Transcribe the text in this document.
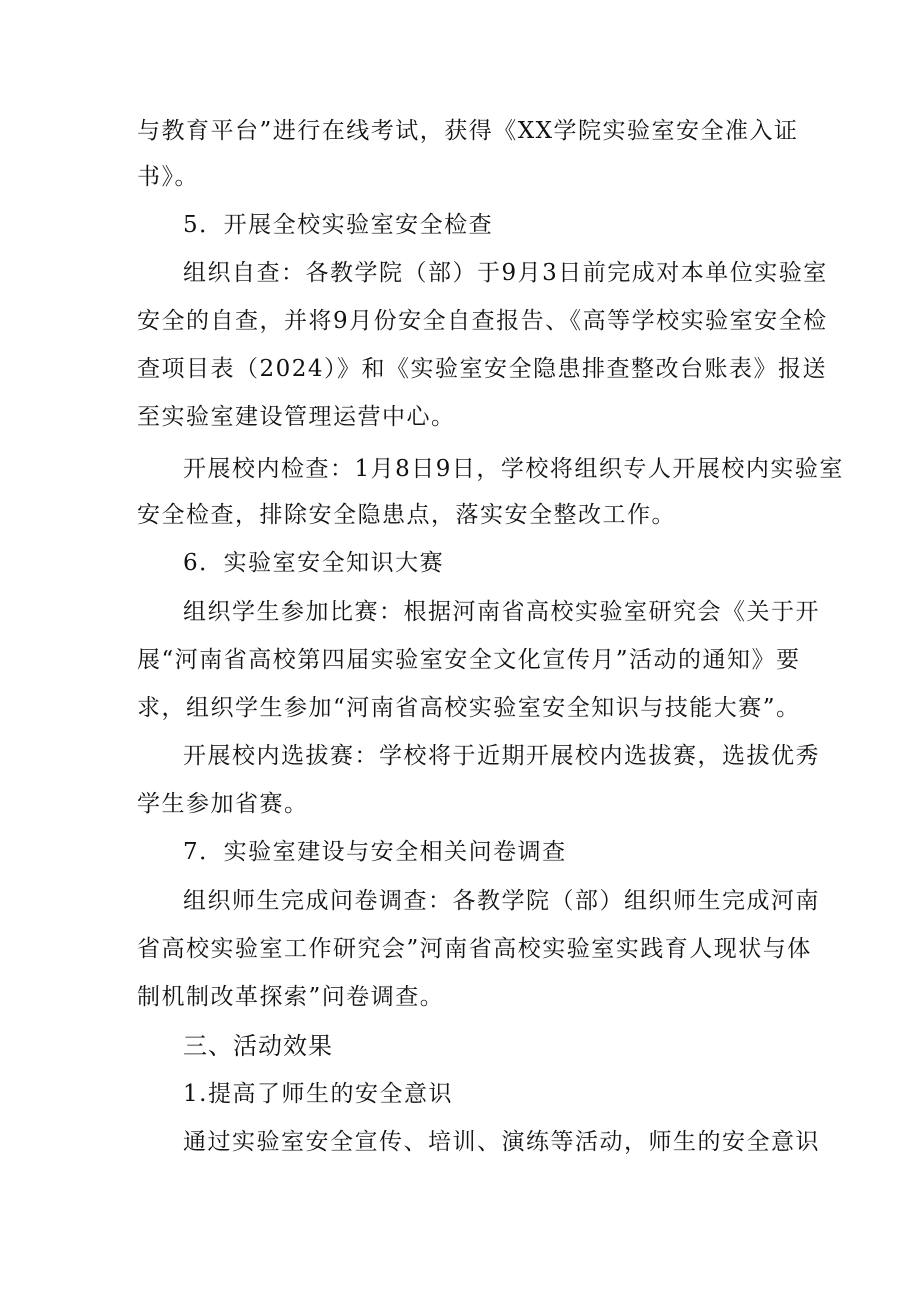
与教育平台”进行在线考试，获得《XX学院实验室安全准入证
书》。
5．开展全校实验室安全检查
组织自查：各教学院（部）于9月3日前完成对本单位实验室
安全的自查，并将9月份安全自查报告、《高等学校实验室安全检
查项目表（2024）》和《实验室安全隐患排查整改台账表》报送
至实验室建设管理运营中心。
开展校内检查：1月8日9日，学校将组织专人开展校内实验室
安全检查，排除安全隐患点，落实安全整改工作。
6．实验室安全知识大赛
组织学生参加比赛：根据河南省高校实验室研究会《关于开
展“河南省高校第四届实验室安全文化宣传月”活动的通知》要
求，组织学生参加“河南省高校实验室安全知识与技能大赛”。
开展校内选拔赛：学校将于近期开展校内选拔赛，选拔优秀
学生参加省赛。
7．实验室建设与安全相关问卷调查
组织师生完成问卷调查：各教学院（部）组织师生完成河南
省高校实验室工作研究会”河南省高校实验室实践育人现状与体
制机制改革探索”问卷调查。
三、活动效果
1.提高了师生的安全意识
通过实验室安全宣传、培训、演练等活动，师生的安全意识
